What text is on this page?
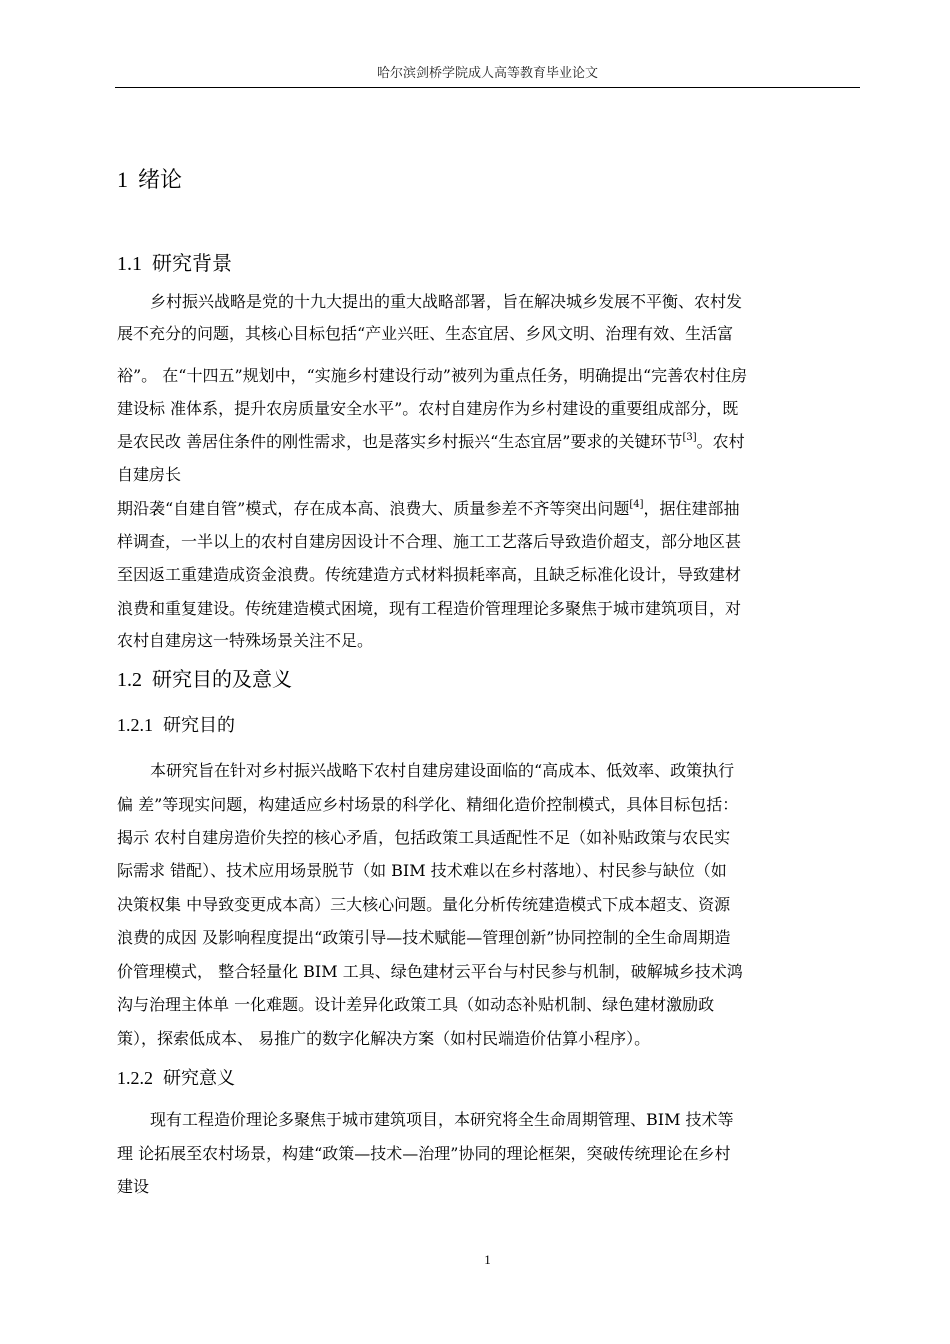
哈尔滨剑桥学院成人高等教育毕业论文
1 绪论
1.1 研究背景
乡村振兴战略是党的十九大提出的重大战略部署，旨在解决城乡发展不平衡、农村发
展不充分的问题，其核心目标包括“产业兴旺、生态宜居、乡风文明、治理有效、生活富
裕”。 在“十四五”规划中，“实施乡村建设行动”被列为重点任务，明确提出“完善农村住房
建设标 准体系，提升农房质量安全水平”。农村自建房作为乡村建设的重要组成部分，既
是农民改 善居住条件的刚性需求，也是落实乡村振兴“生态宜居”要求的关键环节[3]。农村
自建房长
期沿袭“自建自管”模式，存在成本高、浪费大、质量参差不齐等突出问题[4]，据住建部抽
样调查，一半以上的农村自建房因设计不合理、施工工艺落后导致造价超支，部分地区甚
至因返工重建造成资金浪费。传统建造方式材料损耗率高，且缺乏标准化设计，导致建材
浪费和重复建设。传统建造模式困境，现有工程造价管理理论多聚焦于城市建筑项目，对
农村自建房这一特殊场景关注不足。
1.2 研究目的及意义
1.2.1 研究目的
本研究旨在针对乡村振兴战略下农村自建房建设面临的“高成本、低效率、政策执行
偏 差”等现实问题，构建适应乡村场景的科学化、精细化造价控制模式，具体目标包括：
揭示 农村自建房造价失控的核心矛盾，包括政策工具适配性不足（如补贴政策与农民实
际需求 错配）、技术应用场景脱节（如 BIM 技术难以在乡村落地）、村民参与缺位（如
决策权集 中导致变更成本高）三大核心问题。量化分析传统建造模式下成本超支、资源
浪费的成因 及影响程度提出“政策引导—技术赋能—管理创新”协同控制的全生命周期造
价管理模式， 整合轻量化 BIM 工具、绿色建材云平台与村民参与机制，破解城乡技术鸿
沟与治理主体单 一化难题。设计差异化政策工具（如动态补贴机制、绿色建材激励政
策），探索低成本、 易推广的数字化解决方案（如村民端造价估算小程序）。
1.2.2 研究意义
现有工程造价理论多聚焦于城市建筑项目，本研究将全生命周期管理、BIM 技术等
理 论拓展至农村场景，构建“政策—技术—治理”协同的理论框架，突破传统理论在乡村
建设
1
